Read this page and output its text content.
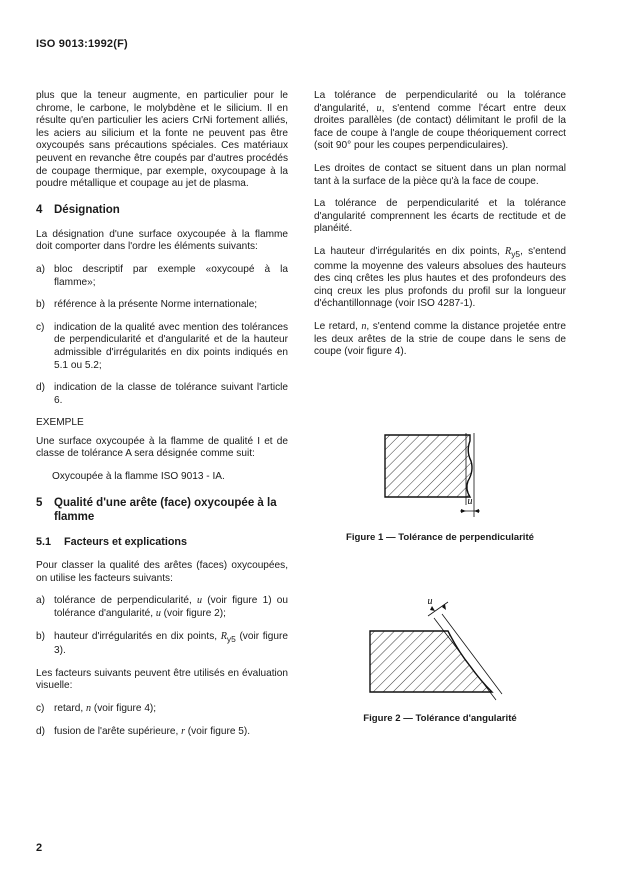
ISO 9013:1992(F)

plus que la teneur augmente, en particulier pour le chrome, le carbone, le molybdène et le silicium. Il en résulte qu'en particulier les aciers CrNi fortement alliés, les aciers au silicium et la fonte ne peuvent pas être oxycoupés sans précautions spéciales. Ces matériaux peuvent en revanche être coupés par d'autres procédés de coupage thermique, par exemple, oxycoupage à la poudre métallique et coupage au jet de plasma.

4	Désignation

La désignation d'une surface oxycoupée à la flamme doit comporter dans l'ordre les éléments suivants:

a) bloc descriptif par exemple «oxycoupé à la flamme»;
b) référence à la présente Norme internationale;
c) indication de la qualité avec mention des tolérances de perpendicularité et d'angularité et de la hauteur admissible d'irrégularités en dix points indiqués en 5.1 ou 5.2;
d) indication de la classe de tolérance suivant l'article 6.
EXEMPLE

Une surface oxycoupée à la flamme de qualité I et de classe de tolérance A sera désignée comme suit:

Oxycoupée à la flamme ISO 9013 - IA.
5	Qualité d'une arête (face) oxycoupée à la flamme
5.1	Facteurs et explications

Pour classer la qualité des arêtes (faces) oxycoupées, on utilise les facteurs suivants:

a) tolérance de perpendicularité, u (voir figure 1) ou tolérance d'angularité, u (voir figure 2);
b) hauteur d'irrégularités en dix points, $R_{y5}$ (voir figure 3).

Les facteurs suivants peuvent être utilisés en évaluation visuelle:

c) retard, n (voir figure 4);
d) fusion de l'arête supérieure, r (voir figure 5).

La tolérance de perpendicularité ou la tolérance d'angularité, u, s'entend comme l'écart entre deux droites parallèles (de contact) délimitant le profil de la face de coupe à l'angle de coupe théoriquement correct (soit 90° pour les coupes perpendiculaires).

Les droites de contact se situent dans un plan normal tant à la surface de la pièce qu'à la face de coupe.

La tolérance de perpendicularité et la tolérance d'angularité comprennent les écarts de rectitude et de planéité.

La hauteur d'irrégularités en dix points, $R_{y5}$, s'entend comme la moyenne des valeurs absolues des hauteurs des cinq crêtes les plus hautes et des profondeurs des cinq creux les plus profonds du profil sur la longueur d'échantillonnage (voir ISO 4287-1).

Le retard, n, s'entend comme la distance projetée entre les deux arêtes de la strie de coupe dans le sens de coupe (voir figure 4).

u
Figure 1 — Tolérance de perpendicularité
u
Figure 2 — Tolérance d'angularité
2
